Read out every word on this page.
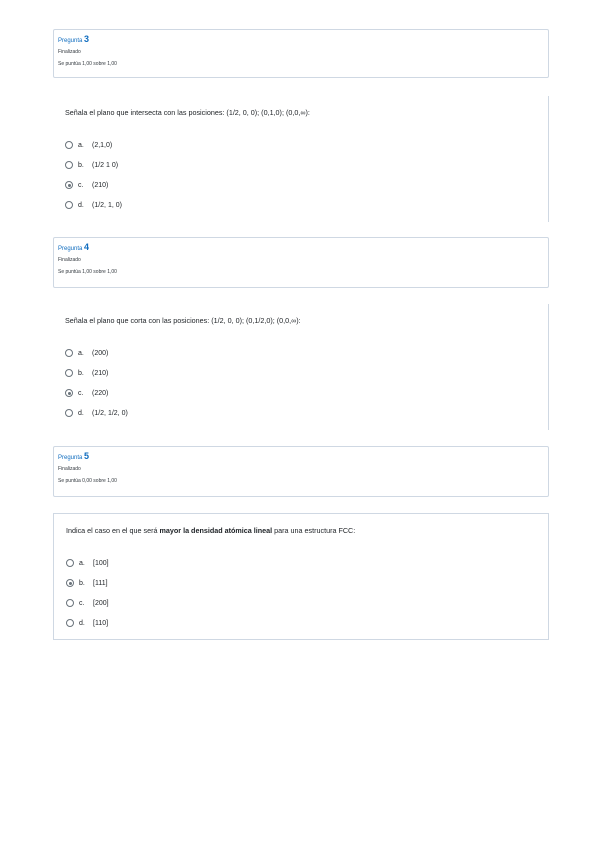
Pregunta 3
Finalizado
Se puntúa 1,00 sobre 1,00
Señala el plano que intersecta con las posiciones: (1/2, 0, 0); (0,1,0); (0,0,∞):
a.	(2,1,0)
b.	(1/2 1 0)
c.	(210)
d.	(1/2, 1, 0)
Pregunta 4
Finalizado
Se puntúa 1,00 sobre 1,00
Señala el plano que corta con las posiciones: (1/2, 0, 0); (0,1/2,0); (0,0,∞):
a.	(200)
b.	(210)
c.	(220)
d.	(1/2, 1/2, 0)
Pregunta 5
Finalizado
Se puntúa 0,00 sobre 1,00
Indica el caso en el que será mayor la densidad atómica lineal para una estructura FCC:
a.	[100]
b.	[111]
c.	[200]
d.	[110]
